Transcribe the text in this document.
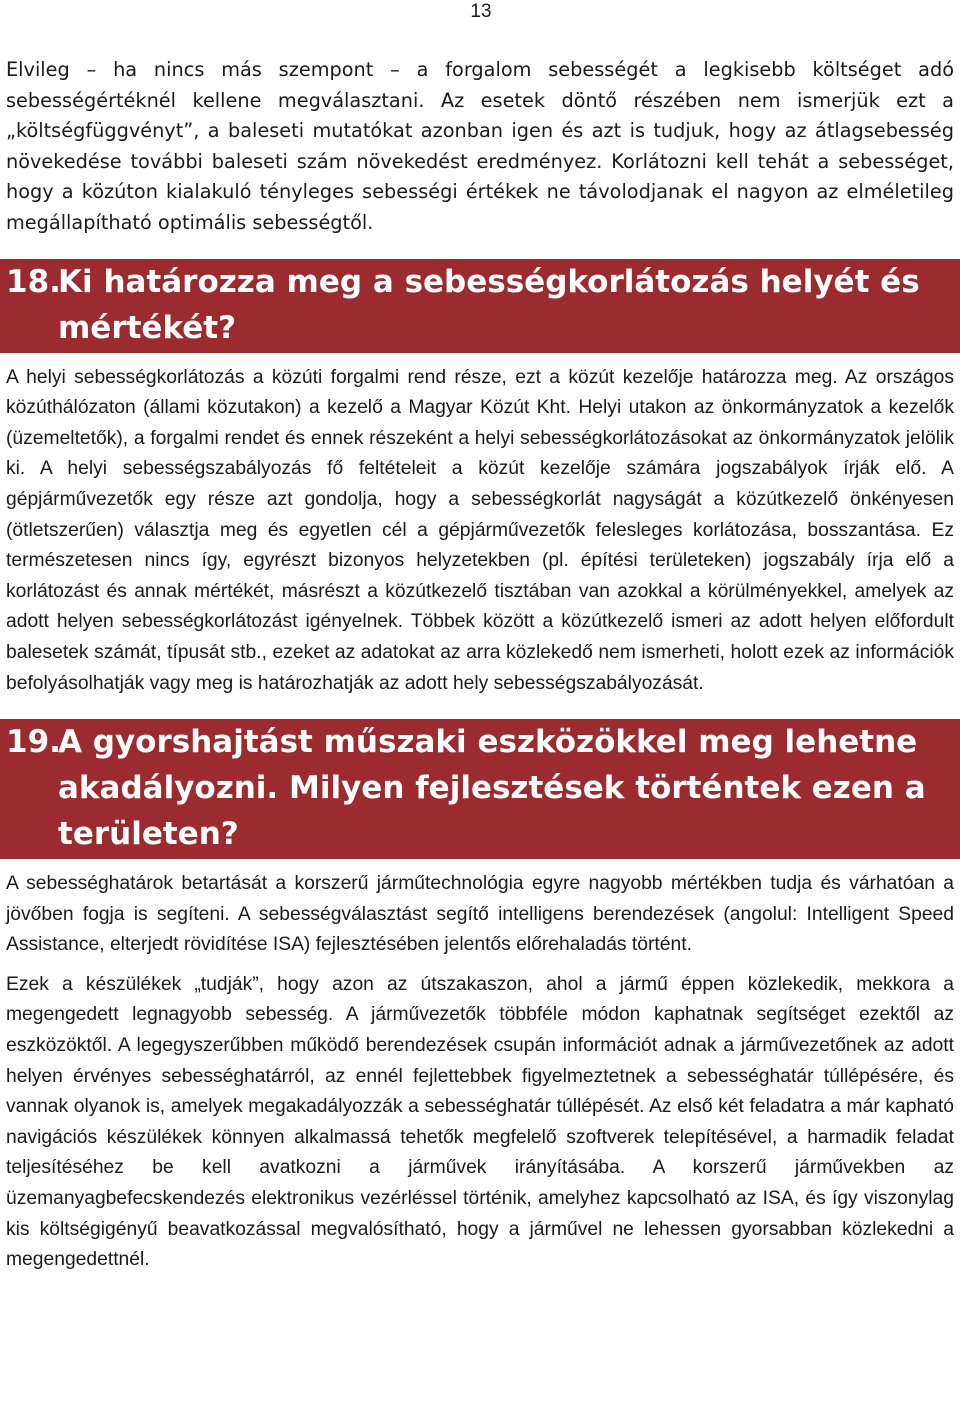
13

Elvileg – ha nincs más szempont – a forgalom sebességét a legkisebb költséget adó sebességértéknél kellene megválasztani. Az esetek döntő részében nem ismerjük ezt a „költségfüggvényt”, a baleseti mutatókat azonban igen és azt is tudjuk, hogy az átlagsebesség növekedése további baleseti szám növekedést eredményez. Korlátozni kell tehát a sebességet, hogy a közúton kialakuló tényleges sebességi értékek ne távolodjanak el nagyon az elméletileg megállapítható optimális sebességtől.

18.
Ki határozza meg a sebességkorlátozás helyét és mértékét?

A helyi sebességkorlátozás a közúti forgalmi rend része, ezt a közút kezelője határozza meg. Az országos közúthálózaton (állami közutakon) a kezelő a Magyar Közút Kht. Helyi utakon az önkormányzatok a kezelők (üzemeltetők), a forgalmi rendet és ennek részeként a helyi sebességkorlátozásokat az önkormányzatok jelölik ki. A helyi sebességszabályozás fő feltételeit a közút kezelője számára jogszabályok írják elő. A gépjárművezetők egy része azt gondolja, hogy a sebességkorlát nagyságát a közútkezelő önkényesen (ötletszerűen) választja meg és egyetlen cél a gépjárművezetők felesleges korlátozása, bosszantása. Ez természetesen nincs így, egyrészt bizonyos helyzetekben (pl. építési területeken) jogszabály írja elő a korlátozást és annak mértékét, másrészt a közútkezelő tisztában van azokkal a körülményekkel, amelyek az adott helyen sebességkorlátozást igényelnek. Többek között a közútkezelő ismeri az adott helyen előfordult balesetek számát, típusát stb., ezeket az adatokat az arra közlekedő nem ismerheti, holott ezek az információk befolyásolhatják vagy meg is határozhatják az adott hely sebességszabályozását.

19.
A gyorshajtást műszaki eszközökkel meg lehetne akadályozni. Milyen fejlesztések történtek ezen a területen?

A sebességhatárok betartását a korszerű járműtechnológia egyre nagyobb mértékben tudja és várhatóan a jövőben fogja is segíteni. A sebességválasztást segítő intelligens berendezések (angolul: Intelligent Speed Assistance, elterjedt rövidítése ISA) fejlesztésében jelentős előrehaladás történt.

Ezek a készülékek „tudják”, hogy azon az útszakaszon, ahol a jármű éppen közlekedik, mekkora a megengedett legnagyobb sebesség. A járművezetők többféle módon kaphatnak segítséget ezektől az eszközöktől. A legegyszerűbben működő berendezések csupán információt adnak a járművezetőnek az adott helyen érvényes sebességhatárról, az ennél fejlettebbek figyelmeztetnek a sebességhatár túllépésére, és vannak olyanok is, amelyek megakadályozzák a sebességhatár túllépését. Az első két feladatra a már kapható navigációs készülékek könnyen alkalmassá tehetők megfelelő szoftverek telepítésével, a harmadik feladat teljesítéséhez be kell avatkozni a járművek irányításába. A korszerű járművekben az üzemanyagbefecskendezés elektronikus vezérléssel történik, amelyhez kapcsolható az ISA, és így viszonylag kis költségigényű beavatkozással megvalósítható, hogy a járművel ne lehessen gyorsabban közlekedni a megengedettnél.
